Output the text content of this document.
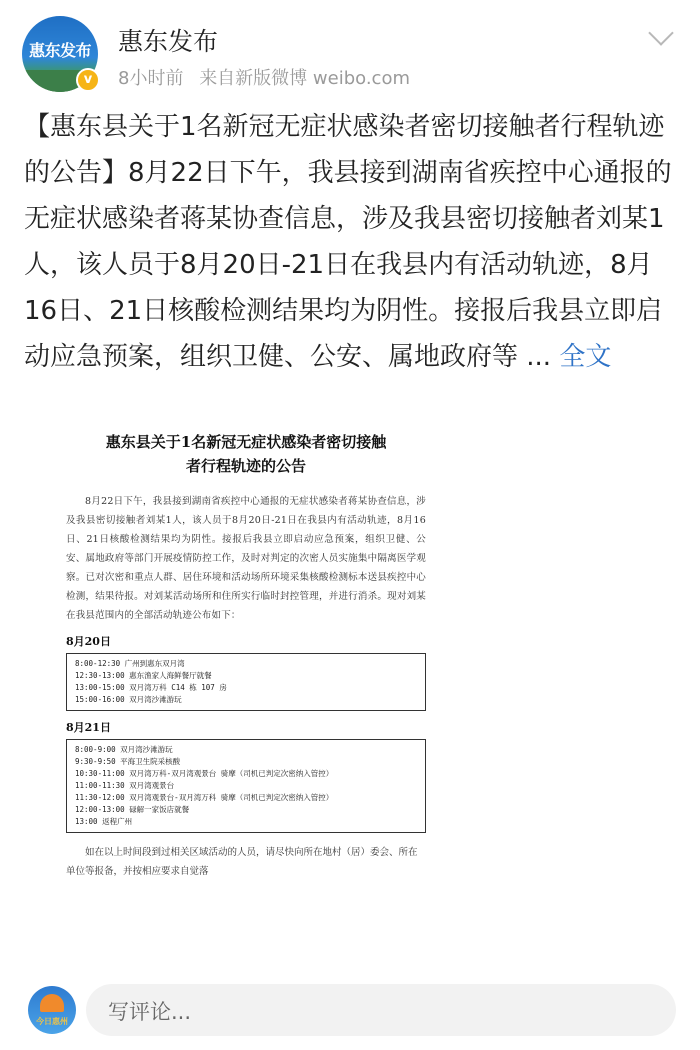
惠东发布
v
惠东发布
8小时前 来自新版微博 weibo.com
【惠东县关于1名新冠无症状感染者密切接触者行程轨迹的公告】8月22日下午，我县接到湖南省疾控中心通报的无症状感染者蒋某协查信息，涉及我县密切接触者刘某1人，该人员于8月20日-21日在我县内有活动轨迹，8月16日、21日核酸检测结果均为阴性。接报后我县立即启动应急预案，组织卫健、公安、属地政府等 ... 全文
惠东县关于1名新冠无症状感染者密切接触
者行程轨迹的公告
8月22日下午，我县接到湖南省疾控中心通报的无症状感染者蒋某协查信息，涉及我县密切接触者刘某1人，该人员于8月20日-21日在我县内有活动轨迹，8月16日、21日核酸检测结果均为阴性。接报后我县立即启动应急预案，组织卫健、公安、属地政府等部门开展疫情防控工作，及时对判定的次密人员实施集中隔离医学观察。已对次密和重点人群、居住环境和活动场所环境采集核酸检测标本送县疾控中心检测，结果待报。对刘某活动场所和住所实行临时封控管理，并进行消杀。现对刘某在我县范围内的全部活动轨迹公布如下：
8月20日
8:00-12:30 广州到惠东双月湾
12:30-13:00 惠东渔家人海鲜餐厅就餐
13:00-15:00 双月湾万科 C14 栋 107 房
15:00-16:00 双月湾沙滩游玩
8月21日
8:00-9:00 双月湾沙滩游玩
9:30-9:50 平海卫生院采核酸
10:30-11:00 双月湾万科-双月湾观景台 骑摩（司机已判定次密纳入管控）
11:00-11:30 双月湾观景台
11:30-12:00 双月湾观景台-双月湾万科 骑摩（司机已判定次密纳入管控）
12:00-13:00 碌解一家饭店就餐
13:00 返程广州
如在以上时间段到过相关区域活动的人员，请尽快向所在地村（居）委会、所在单位等报备，并按相应要求自觉落
今日惠州	写评论...
